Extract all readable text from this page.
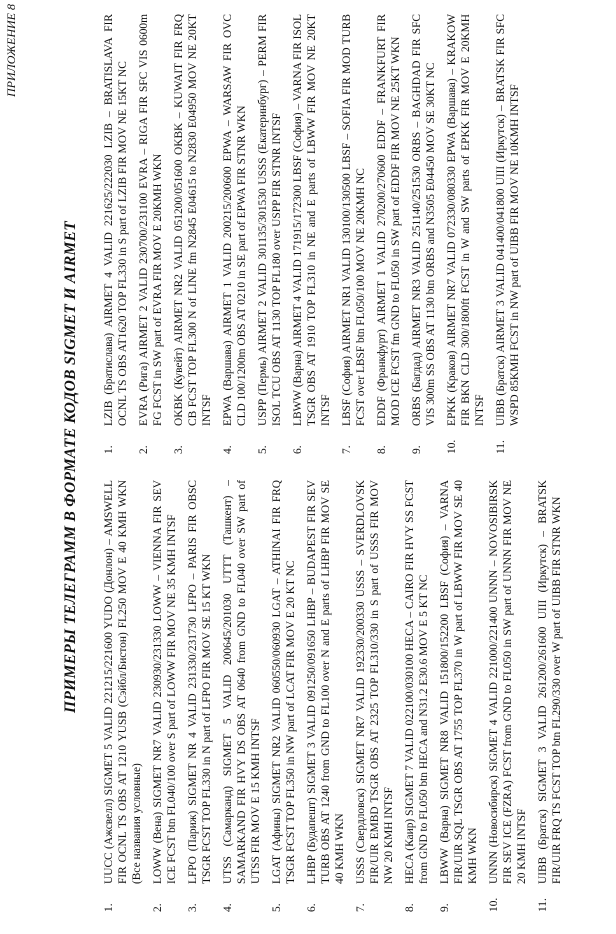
ПРИЛОЖЕНИЕ 8
ПРИМЕРЫ ТЕЛЕГРАММ В ФОРМАТЕ КОДОВ SIGMET И AIRMET
1.
UUCC (Ажсвелл) SIGMET 5 VALID 221215/221600 YUDO (Донлон) – AMSWELL FIR OCNL TS OBS AT 1210 YUSB (Сэйбл/Бистон) FL250 MOV E 40 KMH WKN (Все названия условные)
2.
LOWW (Вена) SIGMET NR7 VALID 230930/231330 LOWW – VIENNA FIR SEV ICE FCST btn FL040/100 over S part of LOWW FIR MOV NE 35 KMH INTSF
3.
LFPO (Париж) SIGMET NR 4 VALID 231330/231730 LFPO – PARIS FIR OBSC TSGR FCST TOP FL330 in N part of LFPO FIR MOV SE 15 KT WKN
4.
UTSS (Самарканд) SIGMET 5 VALID 200645/201030 UTTT (Ташкент) – SAMARKAND FIR HVY DS OBS AT 0640 from GND to FL040 over SW part of UTSS FIR MOV E 15 KMH INTSF
5.
LGAT (Афины) SIGMET NR2 VALID 060550/060930 LGAT – ATHINAI FIR FRQ TSGR FCST TOP FL350 in NW part of LCAT FIR MOV E 20 KT NC
6.
LHBP (Будапешт) SIGMET 3 VALID 091250/091650 LHBP – BUDAPEST FIR SEV TURB OBS AT 1240 from GND to FL100 over N and E parts of LHBP FIR MOV SE 40 KMH WKN
7.
USSS (Свердловск) SIGMET NR7 VALID 192330/200330 USSS – SVERDLOVSK FIR/UIR EMBD TSGR OBS AT 2325 TOP FL310/330 in S part of USSS FIR MOV NW 20 KMH INTSF
8.
HECA (Каир) SIGMET 7 VALID 022100/030100 HECA – CAIRO FIR HVY SS FCST from GND to FL050 btn HECA and N31.2 E30.6 MOV E 5 KT NC
9.
LBWW (Варна) SIGMET NR8 VALID 151800/152200 LBSF (София) – VARNA FIR/UIR SQL TSGR OBS AT 1755 TOP FL370 in W part of LBWW FIR MOV SE 40 KMH WKN
10.
UNNN (Новосибирск) SIGMET 4 VALID 221000/221400 UNNN – NOVOSIBIRSK FIR SEV ICE (FZRA) FCST from GND to FL050 in SW part of UNNN FIR MOV NE 20 KMH INTSF
11.
UIBB (Братск) SIGMET 3 VALID 261200/261600 UIII (Иркутск) – BRATSK FIR/UIR FRQ TS FCST TOP btn FL290/330 over W part of UIBB FIR STNR WKN
1.
LZIB (Братислава) AIRMET 4 VALID 221625/222030 LZIB – BRATISLAVA FIR OCNL TS OBS AT1620 TOP FL330 in S part of LZIB FIR MOV NE 15KT NC
2.
EVRA (Рига) AIRMET 2 VALID 230700/231100 EVRA – RIGA FIR SFC VIS 0600m FG FCST in SW part of EVRA FIR MOV E 20KMH WKN
3.
OKBK (Кувейт) AIRMET NR2 VALID 051200/051600 OKBK – KUWAIT FIR FRQ CB FCST TOP FL300 N of LINE fm N2845 E04615 to N2830 E04950 MOV NE 20KT INTSF
4.
EPWA (Варшава) AIRMET 1 VALID 200215/200600 EPWA – WARSAW FIR OVC CLD 100/1200m OBS AT 0210 in SE part of EPWA FIR STNR WKN
5.
USPP (Пермь) AIRMET 2 VALID 301135/301530 USSS (Екатеринбург) – PERM FIR ISOL TCU OBS AT 1130 TOP FL180 over USPP FIR STNR INTSF
6.
LBWW (Варна) AIRMET 4 VALID 171915/172300 LBSF (София) – VARNA FIR ISOL TSGR OBS AT 1910 TOP FL310 in NE and E parts of LBWW FIR MOV NE 20KT INTSF
7.
LBSF (София) AIRMET NR1 VALID 130100/130500 LBSF – SOFIA FIR MOD TURB FCST over LBSF btn FL050/100 MOV NE 20KMH NC
8.
EDDF (Франкфурт) AIRMET 1 VALID 270200/270600 EDDF – FRANKFURT FIR MOD ICE FCST fm GND to FL050 in SW part of EDDF FIR MOV NE 25KT WKN
9.
ORBS (Багдад) AIRMET NR3 VALID 251140/251530 ORBS – BAGHDAD FIR SFC VIS 300m SS OBS AT 1130 btn ORBS and N3505 E04450 MOV SE 30KT NC
10.
EPKK (Краков) AIRMET NR7 VALID 072330/080330 EPWA (Варшава) – KRAKOW FIR BKN CLD 300/1800ft FCST in W and SW parts of EPKK FIR MOV E 20KMH INTSF
11.
UIBB (Братск) AIRMET 3 VALID 041400/041800 UIII (Иркутск) – BRATSK FIR SFC WSPD 85KMH FCST in NW part of UIBB FIR MOV NE 10KMH INTSF
